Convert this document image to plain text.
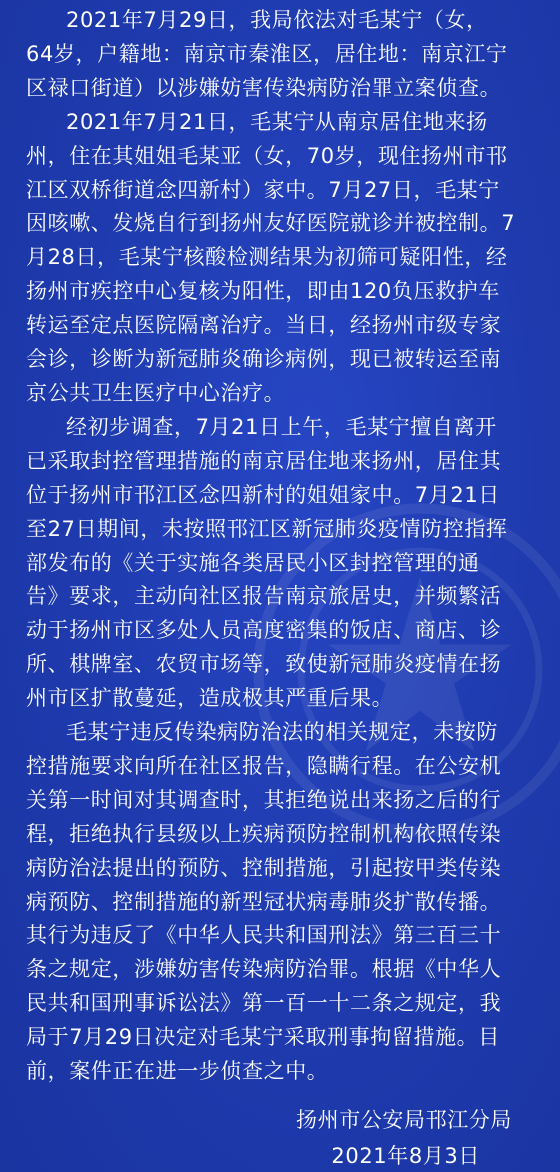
2021年7月29日，我局依法对毛某宁（女，
64岁，户籍地：南京市秦淮区，居住地：南京江宁
区禄口街道）以涉嫌妨害传染病防治罪立案侦查。

2021年7月21日，毛某宁从南京居住地来扬
州，住在其姐姐毛某亚（女，70岁，现住扬州市邗
江区双桥街道念四新村）家中。7月27日，毛某宁
因咳嗽、发烧自行到扬州友好医院就诊并被控制。7
月28日，毛某宁核酸检测结果为初筛可疑阳性，经
扬州市疾控中心复核为阳性，即由120负压救护车
转运至定点医院隔离治疗。当日，经扬州市级专家
会诊，诊断为新冠肺炎确诊病例，现已被转运至南
京公共卫生医疗中心治疗。

经初步调查，7月21日上午，毛某宁擅自离开
已采取封控管理措施的南京居住地来扬州，居住其
位于扬州市邗江区念四新村的姐姐家中。7月21日
至27日期间，未按照邗江区新冠肺炎疫情防控指挥
部发布的《关于实施各类居民小区封控管理的通
告》要求，主动向社区报告南京旅居史，并频繁活
动于扬州市区多处人员高度密集的饭店、商店、诊
所、棋牌室、农贸市场等，致使新冠肺炎疫情在扬
州市区扩散蔓延，造成极其严重后果。

毛某宁违反传染病防治法的相关规定，未按防
控措施要求向所在社区报告，隐瞒行程。在公安机
关第一时间对其调查时，其拒绝说出来扬之后的行
程，拒绝执行县级以上疾病预防控制机构依照传染
病防治法提出的预防、控制措施，引起按甲类传染
病预防、控制措施的新型冠状病毒肺炎扩散传播。
其行为违反了《中华人民共和国刑法》第三百三十
条之规定，涉嫌妨害传染病防治罪。根据《中华人
民共和国刑事诉讼法》第一百一十二条之规定，我
局于7月29日决定对毛某宁采取刑事拘留措施。目
前，案件正在进一步侦查之中。

扬州市公安局邗江分局
2021年8月3日
